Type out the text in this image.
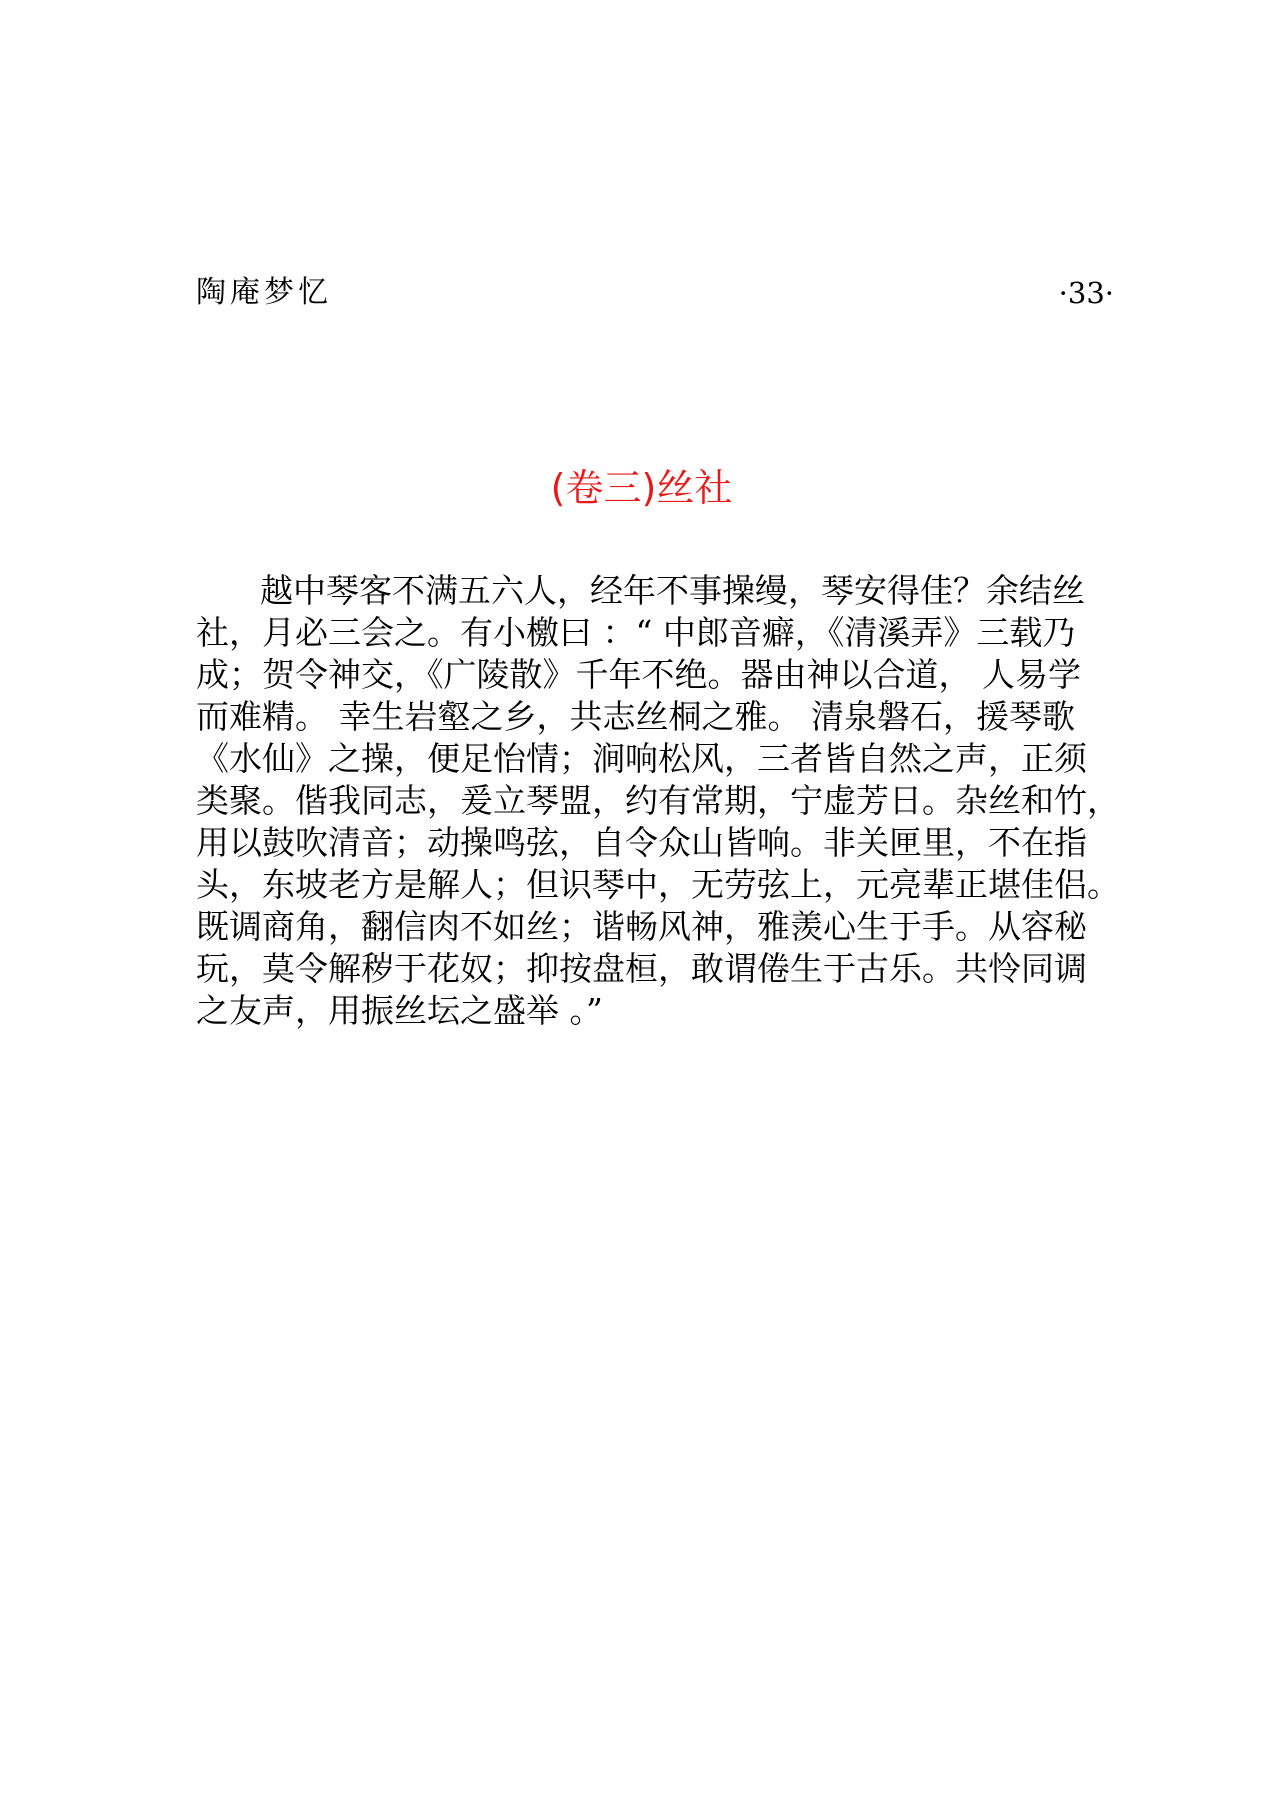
陶庵梦忆	·33·
(卷三)丝社
越中琴客不满五六人，经年不事操缦，琴安得佳？余结丝
社，月必三会之。有小檄曰 ：“ 中郎音癖，《清溪弄》三载乃
成；贺令神交，《广陵散》千年不绝。器由神以合道， 人易学
而难精。 幸生岩壑之乡，共志丝桐之雅。 清泉磐石，援琴歌
《水仙》之操，便足怡情；涧响松风，三者皆自然之声，正须
类聚。偕我同志，爰立琴盟，约有常期，宁虚芳日。杂丝和竹，
用以鼓吹清音；动操鸣弦，自令众山皆响。非关匣里，不在指
头，东坡老方是解人；但识琴中，无劳弦上，元亮辈正堪佳侣。
既调商角，翻信肉不如丝；谐畅风神，雅羡心生于手。从容秘
玩，莫令解秽于花奴；抑按盘桓，敢谓倦生于古乐。共怜同调
之友声，用振丝坛之盛举 。”
